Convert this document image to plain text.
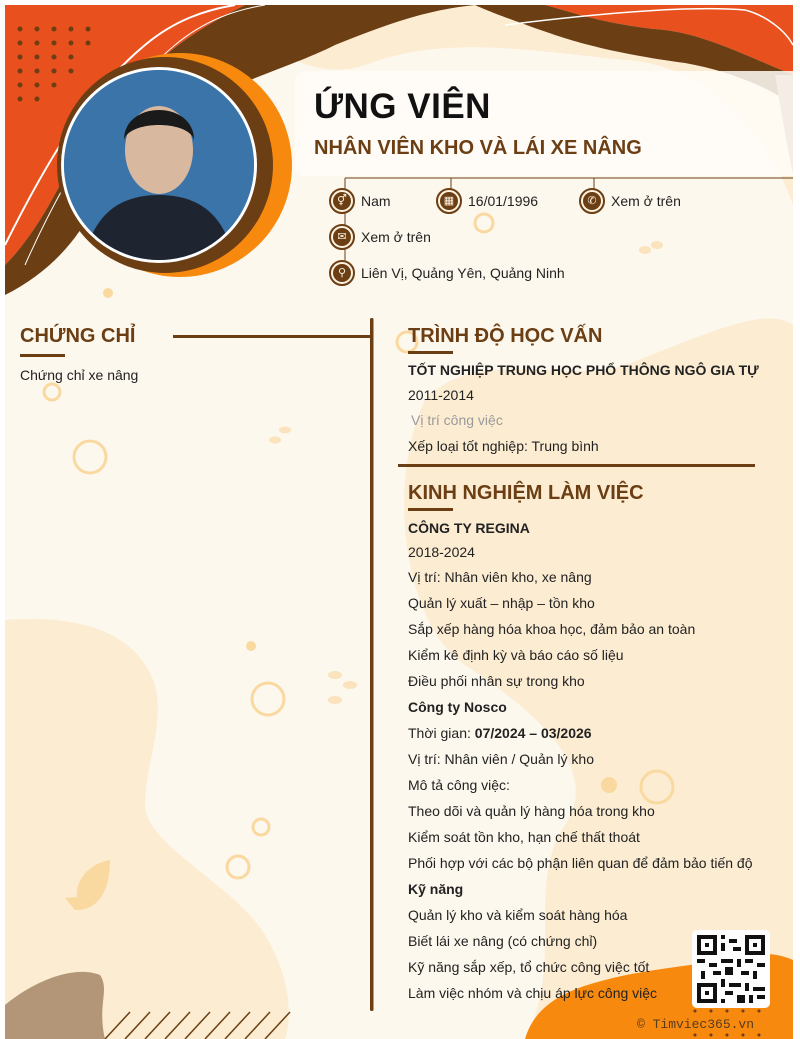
ỨNG VIÊN
NHÂN VIÊN KHO VÀ LÁI XE NÂNG
⚥ Nam	▦ 16/01/1996	✆	Xem ở trên
✉	Xem ở trên
⚲	Liên Vị, Quảng Yên, Quảng Ninh
CHỨNG CHỈ
Chứng chỉ xe nâng
TRÌNH ĐỘ HỌC VẤN
TỐT NGHIỆP TRUNG HỌC PHỔ THÔNG NGÔ GIA TỰ
2011-2014
Vị trí công việc
Xếp loại tốt nghiệp: Trung bình
KINH NGHIỆM LÀM VIỆC
CÔNG TY REGINA
2018-2024
Vị trí: Nhân viên kho, xe nâng
Quản lý xuất – nhập – tồn kho
Sắp xếp hàng hóa khoa học, đảm bảo an toàn
Kiểm kê định kỳ và báo cáo số liệu
Điều phối nhân sự trong kho
Công ty Nosco
Thời gian: 07/2024 – 03/2026
Vị trí: Nhân viên / Quản lý kho
Mô tả công việc:
Theo dõi và quản lý hàng hóa trong kho
Kiểm soát tồn kho, hạn chế thất thoát
Phối hợp với các bộ phận liên quan để đảm bảo tiến độ
Kỹ năng
Quản lý kho và kiểm soát hàng hóa
Biết lái xe nâng (có chứng chỉ)
Kỹ năng sắp xếp, tổ chức công việc tốt
Làm việc nhóm và chịu áp lực công việc
© Timviec365.vn
